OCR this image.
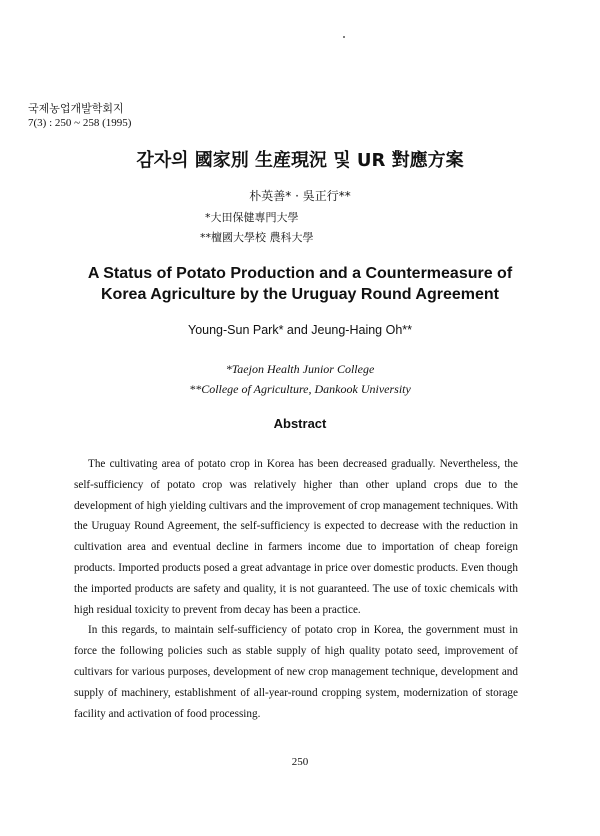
국제농업개발학회지
7(3) : 250 ~ 258 (1995)
감자의 國家別 生産現況 및 UR 對應方案
朴英善* · 吳正行**
*大田保健專門大學
**檀國大學校 農科大學
A Status of Potato Production and a Countermeasure of
Korea Agriculture by the Uruguay Round Agreement
Young-Sun Park* and Jeung-Haing Oh**
*Taejon Health Junior College
**College of Agriculture, Dankook University
Abstract

The cultivating area of potato crop in Korea has been decreased gradually. Nevertheless, the self-sufficiency of potato crop was relatively higher than other upland crops due to the development of high yielding cultivars and the improvement of crop management techniques. With the Uruguay Round Agreement, the self-sufficiency is expected to decrease with the reduction in cultivation area and eventual decline in farmers income due to importation of cheap foreign products. Imported products posed a great advantage in price over domestic products. Even though the imported products are safety and quality, it is not guaranteed. The use of toxic chemicals with high residual toxicity to prevent from decay has been a practice.

In this regards, to maintain self-sufficiency of potato crop in Korea, the government must in force the following policies such as stable supply of high quality potato seed, improvement of cultivars for various purposes, development of new crop management technique, development and supply of machinery, establishment of all-year-round cropping system, modernization of storage facility and activation of food processing.

250
